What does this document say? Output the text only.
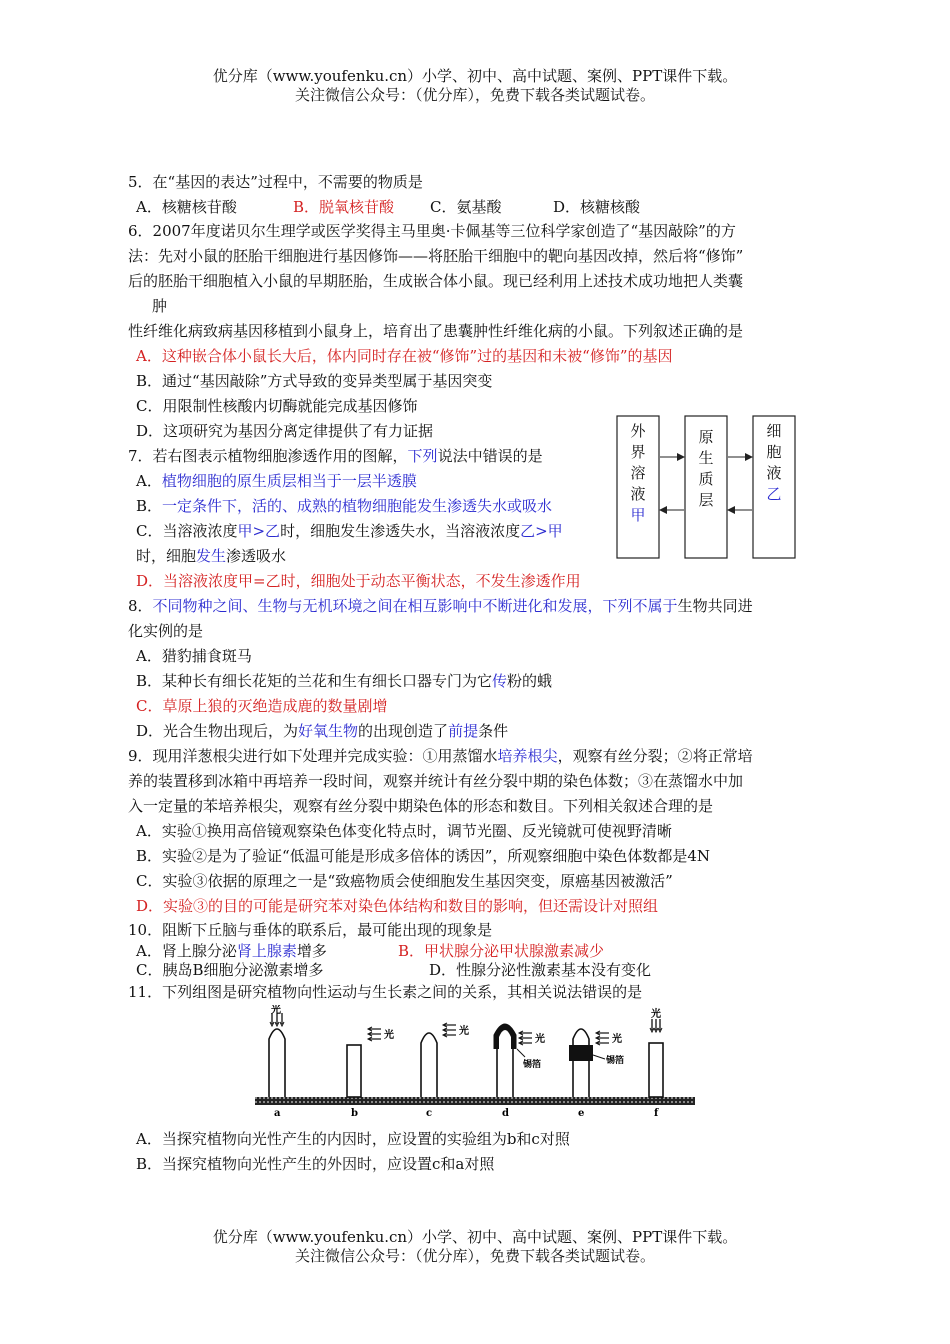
优分库（www.youfenku.cn）小学、初中、高中试题、案例、PPT课件下载。
关注微信公众号：（优分库），免费下载各类试题试卷。
5．在“基因的表达”过程中，不需要的物质是
A．核糖核苷酸	B．脱氧核苷酸 C．氨基酸	D．核糖核酸
6．2007年度诺贝尔生理学或医学奖得主马里奥·卡佩基等三位科学家创造了“基因敲除”的方
法：先对小鼠的胚胎干细胞进行基因修饰——将胚胎干细胞中的靶向基因改掉，然后将“修饰”
后的胚胎干细胞植入小鼠的早期胚胎，生成嵌合体小鼠。现已经利用上述技术成功地把人类囊
肿
性纤维化病致病基因移植到小鼠身上，培育出了患囊肿性纤维化病的小鼠。下列叙述正确的是
A．这种嵌合体小鼠长大后，体内同时存在被“修饰”过的基因和未被“修饰”的基因
B．通过“基因敲除”方式导致的变异类型属于基因突变
C．用限制性核酸内切酶就能完成基因修饰
D．这项研究为基因分离定律提供了有力证据
7．若右图表示植物细胞渗透作用的图解，下列说法中错误的是
A．植物细胞的原生质层相当于一层半透膜
B．一定条件下，活的、成熟的植物细胞能发生渗透失水或吸水
C．当溶液浓度甲>乙时，细胞发生渗透失水，当溶液浓度乙>甲
时，细胞发生渗透吸水
D．当溶液浓度甲=乙时，细胞处于动态平衡状态，不发生渗透作用
外
界
溶
液
甲
原
生
质
层
细
胞
液
乙
8．不同物种之间、生物与无机环境之间在相互影响中不断进化和发展，下列不属于生物共同进
化实例的是
A．猎豹捕食斑马
B．某种长有细长花矩的兰花和生有细长口器专门为它传粉的蛾
C．草原上狼的灭绝造成鹿的数量剧增
D．光合生物出现后，为好氧生物的出现创造了前提条件
9．现用洋葱根尖进行如下处理并完成实验：①用蒸馏水培养根尖，观察有丝分裂；②将正常培
养的装置移到冰箱中再培养一段时间，观察并统计有丝分裂中期的染色体数；③在蒸馏水中加
入一定量的苯培养根尖，观察有丝分裂中期染色体的形态和数目。下列相关叙述合理的是
A．实验①换用高倍镜观察染色体变化特点时，调节光圈、反光镜就可使视野清晰
B．实验②是为了验证“低温可能是形成多倍体的诱因”，所观察细胞中染色体数都是4N
C．实验③依据的原理之一是“致癌物质会使细胞发生基因突变，原癌基因被激活”
D．实验③的目的可能是研究苯对染色体结构和数目的影响，但还需设计对照组
10．阻断下丘脑与垂体的联系后，最可能出现的现象是
A．肾上腺分泌肾上腺素增多	B．甲状腺分泌甲状腺激素减少
C．胰岛B细胞分泌激素增多	D．性腺分泌性激素基本没有变化
11．下列组图是研究植物向性运动与生长素之间的关系，其相关说法错误的是
光
光	光
光
锡箔
光
锡箔
光
a	b	c	d	e	f
A．当探究植物向光性产生的内因时，应设置的实验组为b和c对照
B．当探究植物向光性产生的外因时，应设置c和a对照
优分库（www.youfenku.cn）小学、初中、高中试题、案例、PPT课件下载。
关注微信公众号：（优分库），免费下载各类试题试卷。
